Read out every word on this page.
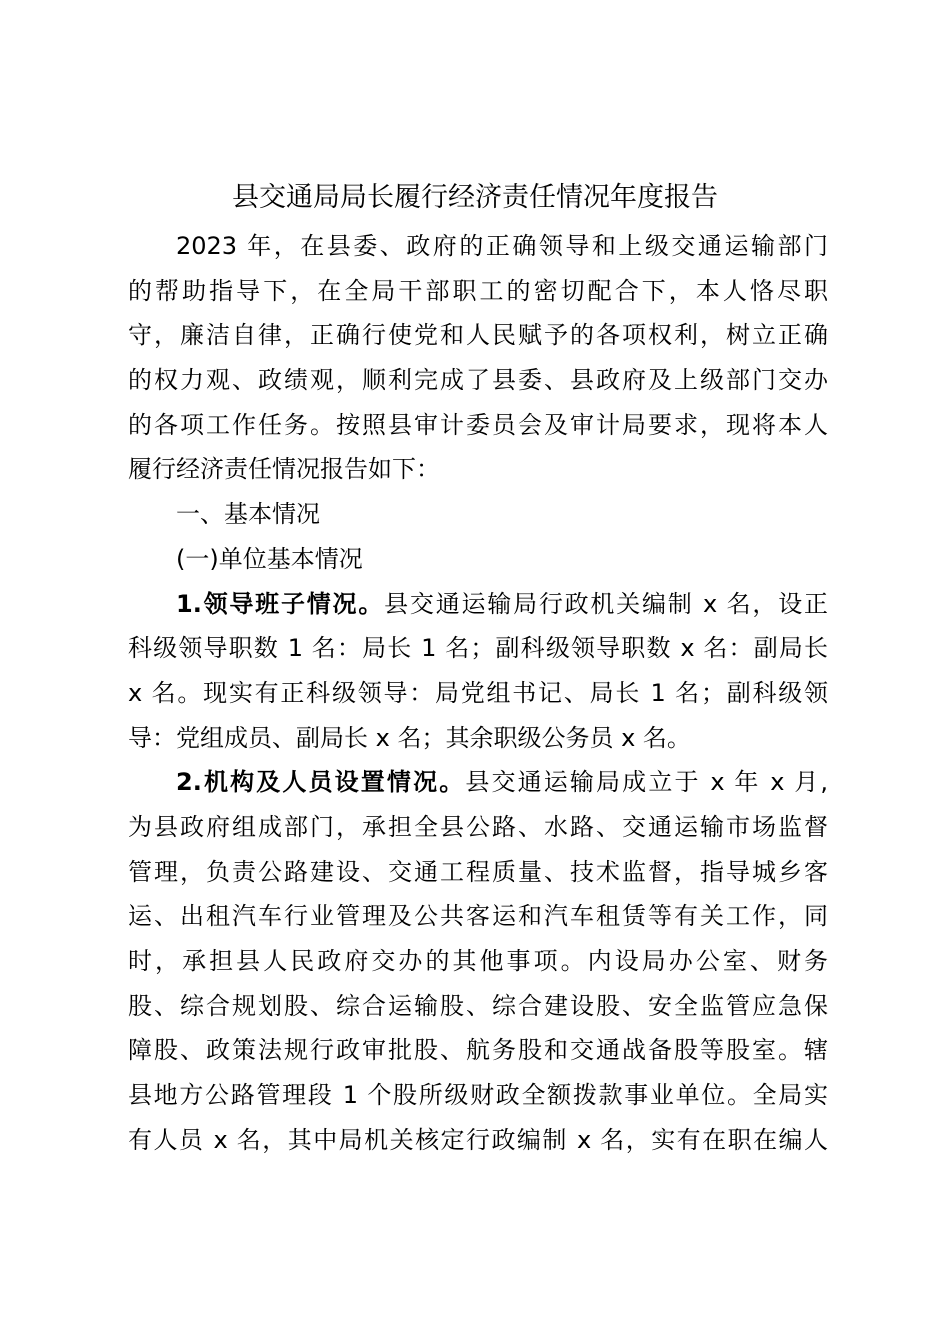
县交通局局长履行经济责任情况年度报告
2023 年，在县委、政府的正确领导和上级交通运输部门
的帮助指导下，在全局干部职工的密切配合下，本人恪尽职
守，廉洁自律，正确行使党和人民赋予的各项权利，树立正确
的权力观、政绩观，顺利完成了县委、县政府及上级部门交办
的各项工作任务。按照县审计委员会及审计局要求，现将本人
履行经济责任情况报告如下：
一、基本情况
(一)单位基本情况
1.领导班子情况。县交通运输局行政机关编制 x 名，设正
科级领导职数 1 名：局长 1 名；副科级领导职数 x 名：副局长
x 名。现实有正科级领导：局党组书记、局长 1 名；副科级领
导：党组成员、副局长 x 名；其余职级公务员 x 名。
2.机构及人员设置情况。县交通运输局成立于 x 年 x 月,
为县政府组成部门，承担全县公路、水路、交通运输市场监督
管理，负责公路建设、交通工程质量、技术监督，指导城乡客
运、出租汽车行业管理及公共客运和汽车租赁等有关工作，同
时，承担县人民政府交办的其他事项。内设局办公室、财务
股、综合规划股、综合运输股、综合建设股、安全监管应急保
障股、政策法规行政审批股、航务股和交通战备股等股室。辖
县地方公路管理段 1 个股所级财政全额拨款事业单位。全局实
有人员 x 名，其中局机关核定行政编制 x 名，实有在职在编人
